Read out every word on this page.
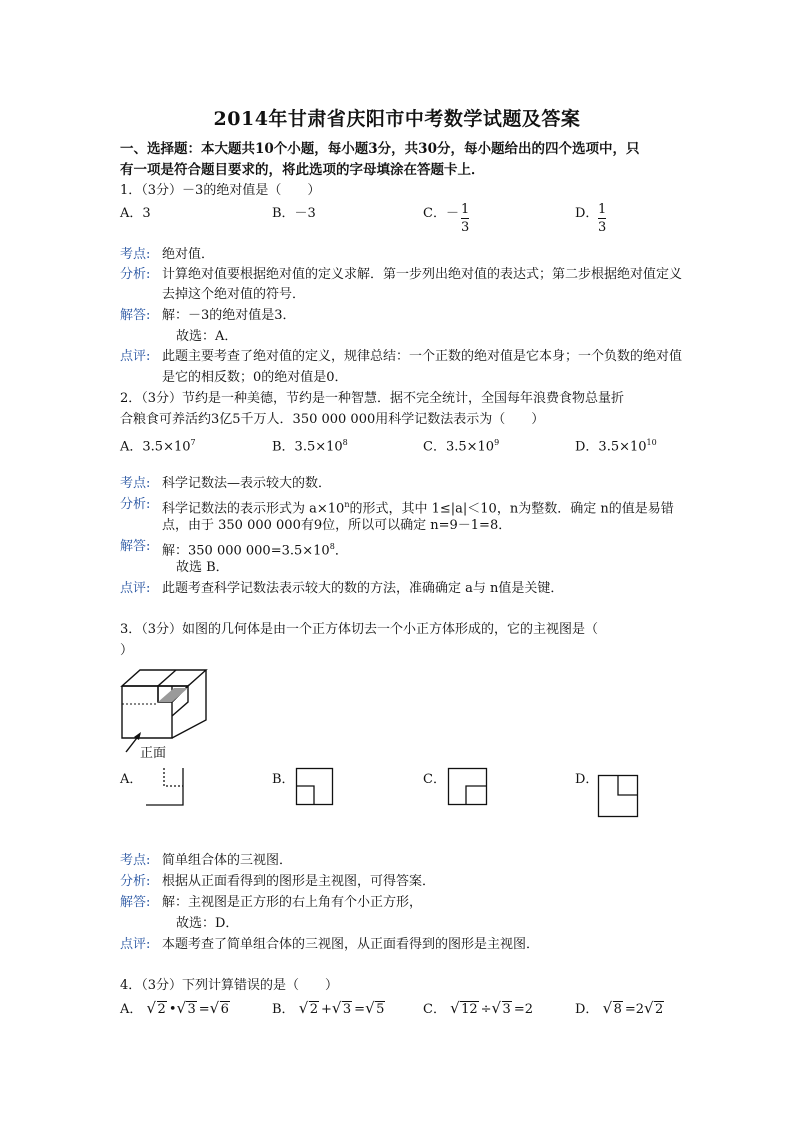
2014年甘肃省庆阳市中考数学试题及答案
一、选择题：本大题共10个小题，每小题3分，共30分，每小题给出的四个选项中，只
有一项是符合题目要求的，将此选项的字母填涂在答题卡上．
1．（3分）－3的绝对值是（　　）
A．3	B．－3	C．－ 1
3
D． 1
3
考点: 绝对值．
分析: 计算绝对值要根据绝对值的定义求解．第一步列出绝对值的表达式；第二步根据绝对值定义
去掉这个绝对值的符号．
解答: 解：－3的绝对值是3．
故选：A．
点评: 此题主要考查了绝对值的定义，规律总结：一个正数的绝对值是它本身；一个负数的绝对值
是它的相反数；0的绝对值是0．
2．（3分）节约是一种美德，节约是一种智慧．据不完全统计，全国每年浪费食物总量折
合粮食可养活约3亿5千万人．350 000 000用科学记数法表示为（　　）
A．$3.5\times 10^7$	B．$3.5\times 10^8$	C．$3.5\times 10^9$	D．$3.5\times 10^{10}$
考点: 科学记数法—表示较大的数．
分析: 科学记数法的表示形式为 $a\times 10^n$的形式，其中 1≤|a|＜10，n为整数．确定 n的值是易错
点，由于 350 000 000有9位，所以可以确定 n=9－1=8．
解答: 解：350 000 $000=3.5\times 10^8$．
故选 B．
点评: 此题考查科学记数法表示较大的数的方法，准确确定 a与 n值是关键．
3．（3分）如图的几何体是由一个正方体切去一个小正方体形成的，它的主视图是（
）
正面
A．	B．	C．	D．
考点: 简单组合体的三视图．
分析: 根据从正面看得到的图形是主视图，可得答案．
解答: 解：主视图是正方形的右上角有个小正方形，
故选：D．
点评: 本题考查了简单组合体的三视图，从正面看得到的图形是主视图．
4．（3分）下列计算错误的是（　　）
A． √ 2 • √ 3 = √ 6	B． √ 2 + √ 3 = √ 5	C． √ 12 ÷ √ 3 =2	D． √ 8 =2 √ 2
